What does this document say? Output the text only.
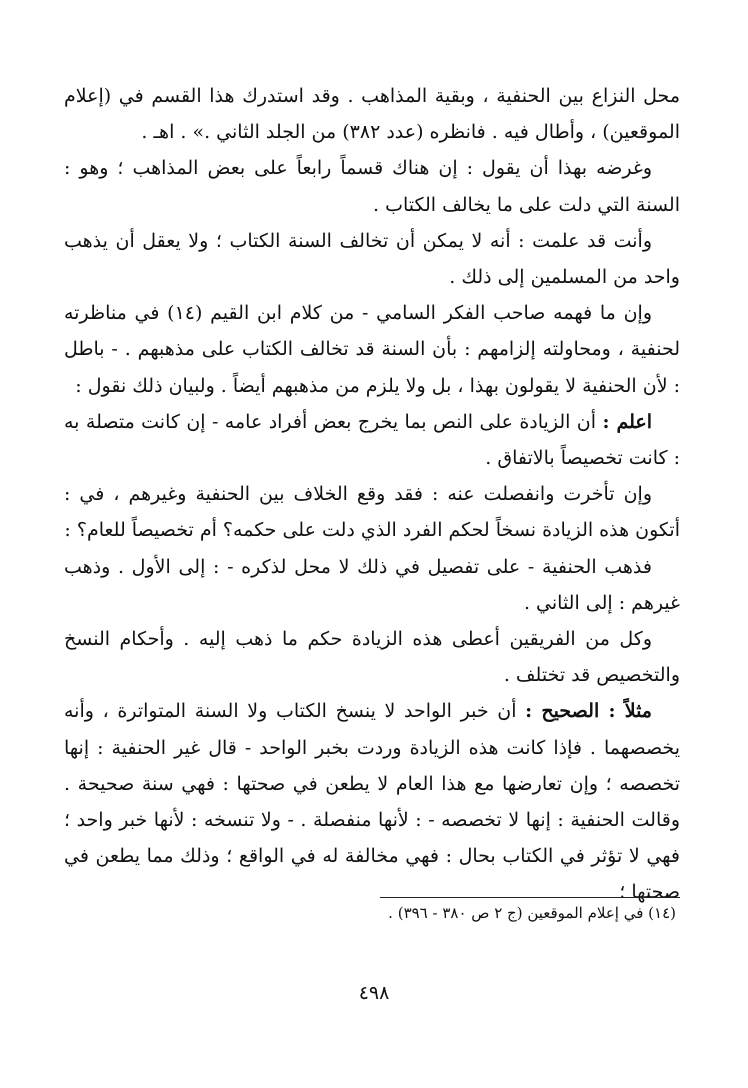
محل النزاع بين الحنفية ، وبقية المذاهب . وقد استدرك هذا القسم في (إعلام الموقعين) ، وأطال فيه . فانظره (عدد ٣٨٢) من الجلد الثاني .» . اهـ .

وغرضه بهذا أن يقول : إن هناك قسماً رابعاً على بعض المذاهب ؛ وهو : السنة التي دلت على ما يخالف الكتاب .

وأنت قد علمت : أنه لا يمكن أن تخالف السنة الكتاب ؛ ولا يعقل أن يذهب واحد من المسلمين إلى ذلك .

وإن ما فهمه صاحب الفكر السامي - من كلام ابن القيم (١٤) في مناظرته لحنفية ، ومحاولته إلزامهم : بأن السنة قد تخالف الكتاب على مذهبهم . - باطل : لأن الحنفية لا يقولون بهذا ، بل ولا يلزم من مذهبهم أيضاً . ولبيان ذلك نقول :

اعلم : أن الزيادة على النص بما يخرج بعض أفراد عامه - إن كانت متصلة به : كانت تخصيصاً بالاتفاق .

وإن تأخرت وانفصلت عنه : فقد وقع الخلاف بين الحنفية وغيرهم ، في : أتكون هذه الزيادة نسخاً لحكم الفرد الذي دلت على حكمه؟ أم تخصيصاً للعام؟ :

فذهب الحنفية - على تفصيل في ذلك لا محل لذكره - : إلى الأول . وذهب غيرهم : إلى الثاني .

وكل من الفريقين أعطى هذه الزيادة حكم ما ذهب إليه . وأحكام النسخ والتخصيص قد تختلف .

مثلاً : الصحيح : أن خبر الواحد لا ينسخ الكتاب ولا السنة المتواترة ، وأنه يخصصهما . فإذا كانت هذه الزيادة وردت بخبر الواحد - قال غير الحنفية : إنها تخصصه ؛ وإن تعارضها مع هذا العام لا يطعن في صحتها : فهي سنة صحيحة . وقالت الحنفية : إنها لا تخصصه - : لأنها منفصلة . - ولا تنسخه : لأنها خبر واحد ؛ فهي لا تؤثر في الكتاب بحال : فهي مخالفة له في الواقع ؛ وذلك مما يطعن في صحتها ؛

(١٤) في إعلام الموقعين (ج ٢ ص ٣٨٠ - ٣٩٦) .

٤٩٨
